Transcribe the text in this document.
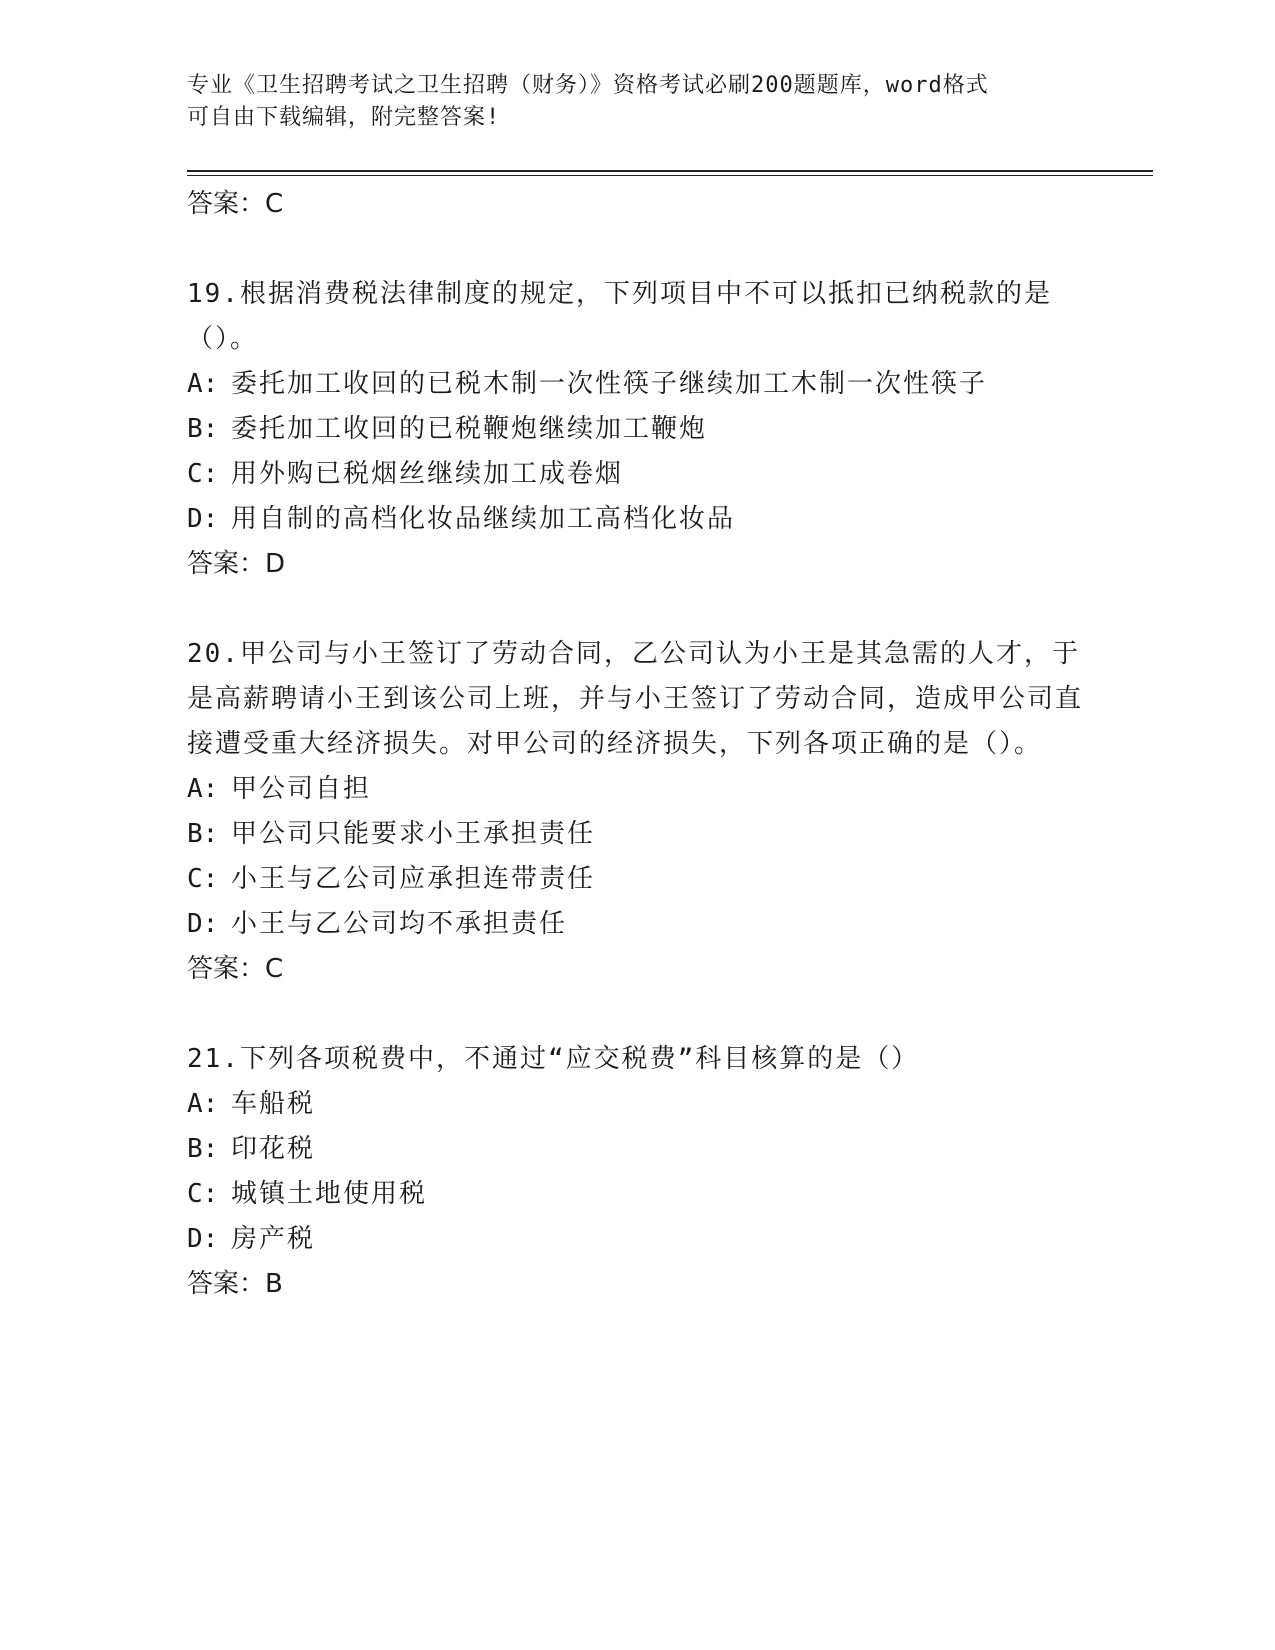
专业《卫生招聘考试之卫生招聘（财务）》资格考试必刷200题题库，word格式
可自由下载编辑，附完整答案!
答案：C
19.根据消费税法律制度的规定，下列项目中不可以抵扣已纳税款的是（）。
A: 委托加工收回的已税木制一次性筷子继续加工木制一次性筷子
B: 委托加工收回的已税鞭炮继续加工鞭炮
C: 用外购已税烟丝继续加工成卷烟
D: 用自制的高档化妆品继续加工高档化妆品
答案：D
20.甲公司与小王签订了劳动合同，乙公司认为小王是其急需的人才，于是高薪聘请小王到该公司上班，并与小王签订了劳动合同，造成甲公司直接遭受重大经济损失。对甲公司的经济损失，下列各项正确的是（）。
A: 甲公司自担
B: 甲公司只能要求小王承担责任
C: 小王与乙公司应承担连带责任
D: 小王与乙公司均不承担责任
答案：C
21.下列各项税费中，不通过“应交税费”科目核算的是（）
A: 车船税
B: 印花税
C: 城镇土地使用税
D: 房产税
答案：B
